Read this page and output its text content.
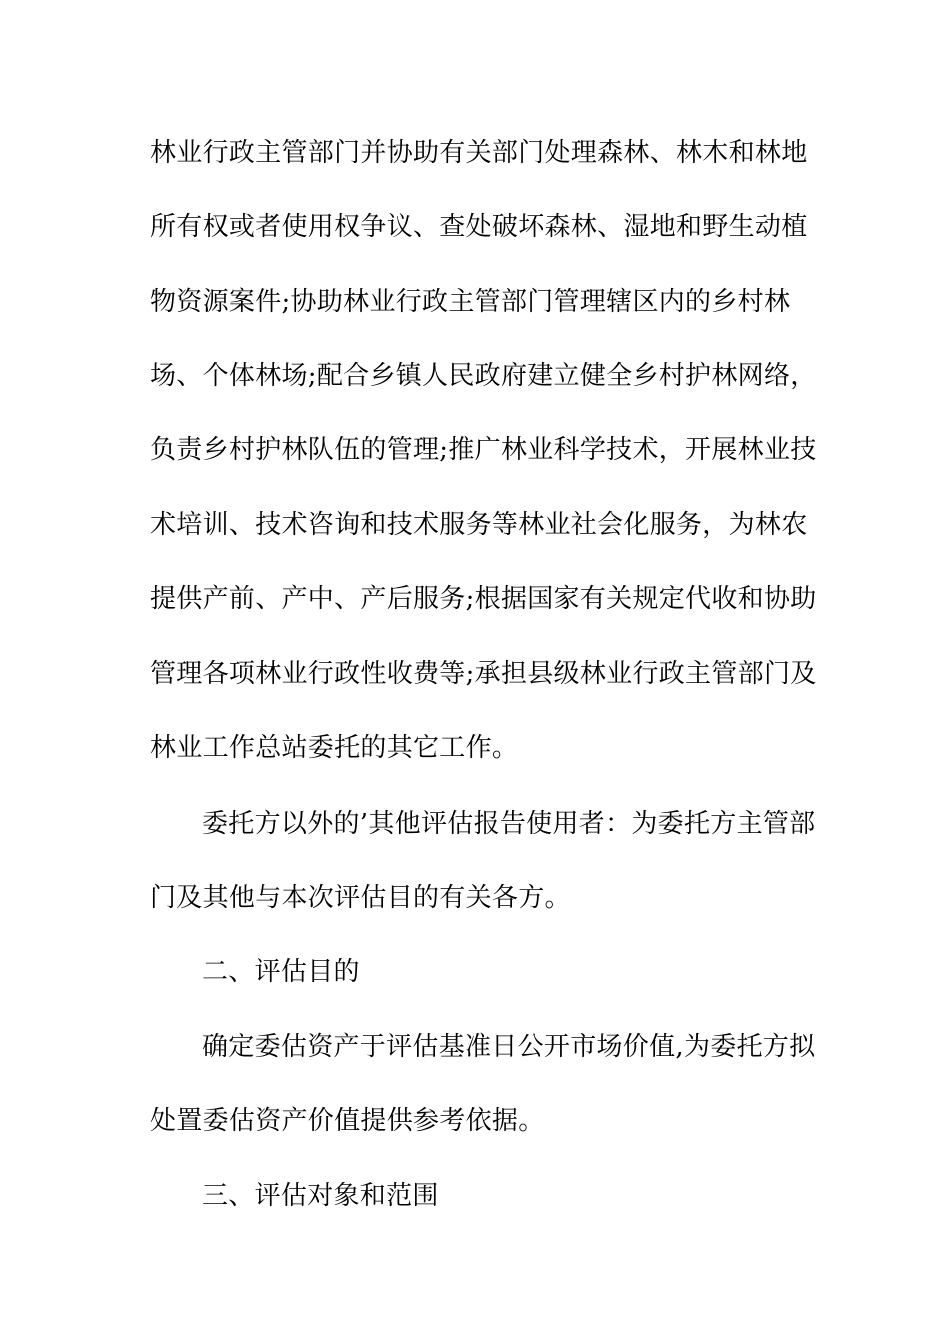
林业行政主管部门并协助有关部门处理森林、林木和林地
所有权或者使用权争议、查处破坏森林、湿地和野生动植
物资源案件;协助林业行政主管部门管理辖区内的乡村林
场、个体林场;配合乡镇人民政府建立健全乡村护林网络，
负责乡村护林队伍的管理;推广林业科学技术，开展林业技
术培训、技术咨询和技术服务等林业社会化服务，为林农
提供产前、产中、产后服务;根据国家有关规定代收和协助
管理各项林业行政性收费等;承担县级林业行政主管部门及
林业工作总站委托的其它工作。
委托方以外的’其他评估报告使用者：为委托方主管部
门及其他与本次评估目的有关各方。
二、评估目的
确定委估资产于评估基准日公开市场价值,为委托方拟
处置委估资产价值提供参考依据。
三、评估对象和范围
